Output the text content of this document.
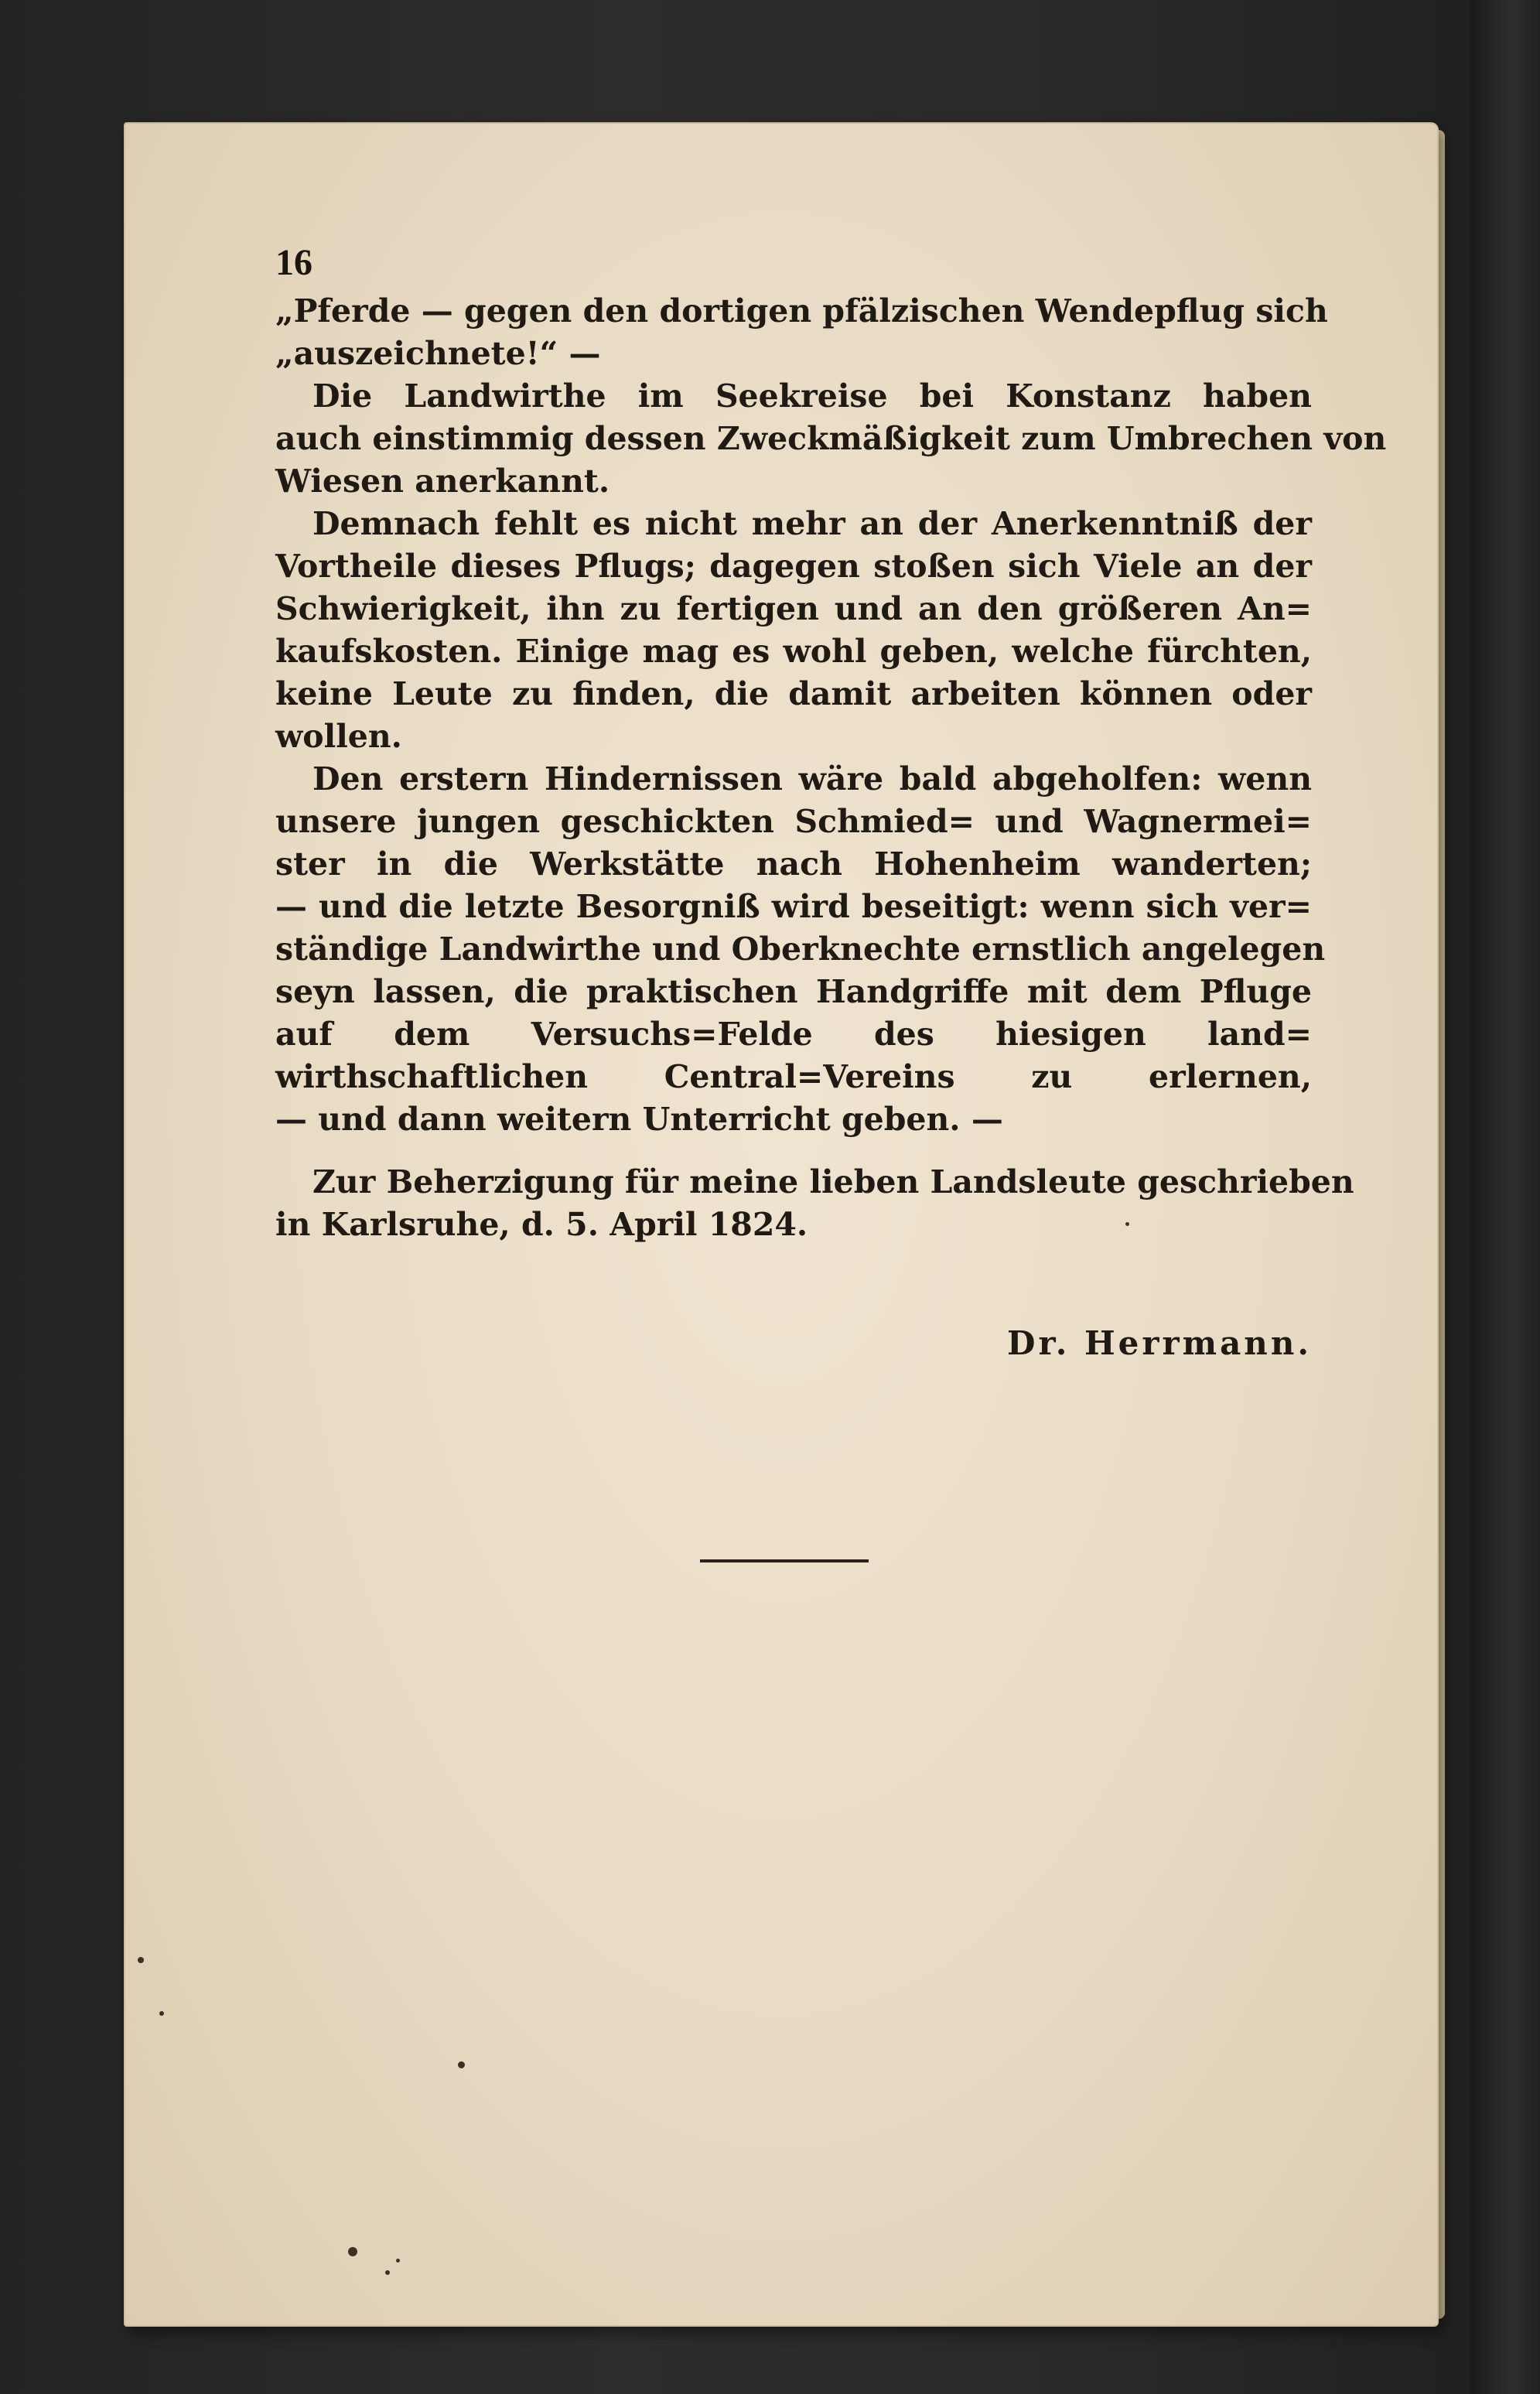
16
„Pferde — gegen den dortigen pfälzischen Wendepflug sich
„auszeichnete!“ —
Die Landwirthe im Seekreise bei Konstanz haben
auch einstimmig dessen Zweckmäßigkeit zum Umbrechen von
Wiesen anerkannt.
Demnach fehlt es nicht mehr an der Anerkenntniß der
Vortheile dieses Pflugs; dagegen stoßen sich Viele an der
Schwierigkeit, ihn zu fertigen und an den größeren An=
kaufskosten. Einige mag es wohl geben, welche fürchten,
keine Leute zu finden, die damit arbeiten können oder
wollen.
Den erstern Hindernissen wäre bald abgeholfen: wenn
unsere jungen geschickten Schmied= und Wagnermei=
ster in die Werkstätte nach Hohenheim wanderten;
— und die letzte Besorgniß wird beseitigt: wenn sich ver=
ständige Landwirthe und Oberknechte ernstlich angelegen
seyn lassen, die praktischen Handgriffe mit dem Pfluge
auf dem Versuchs=Felde des hiesigen land=
wirthschaftlichen Central=Vereins zu erlernen,
— und dann weitern Unterricht geben. —
Zur Beherzigung für meine lieben Landsleute geschrieben
in Karlsruhe, d. 5. April 1824.
Dr. Herrmann.
